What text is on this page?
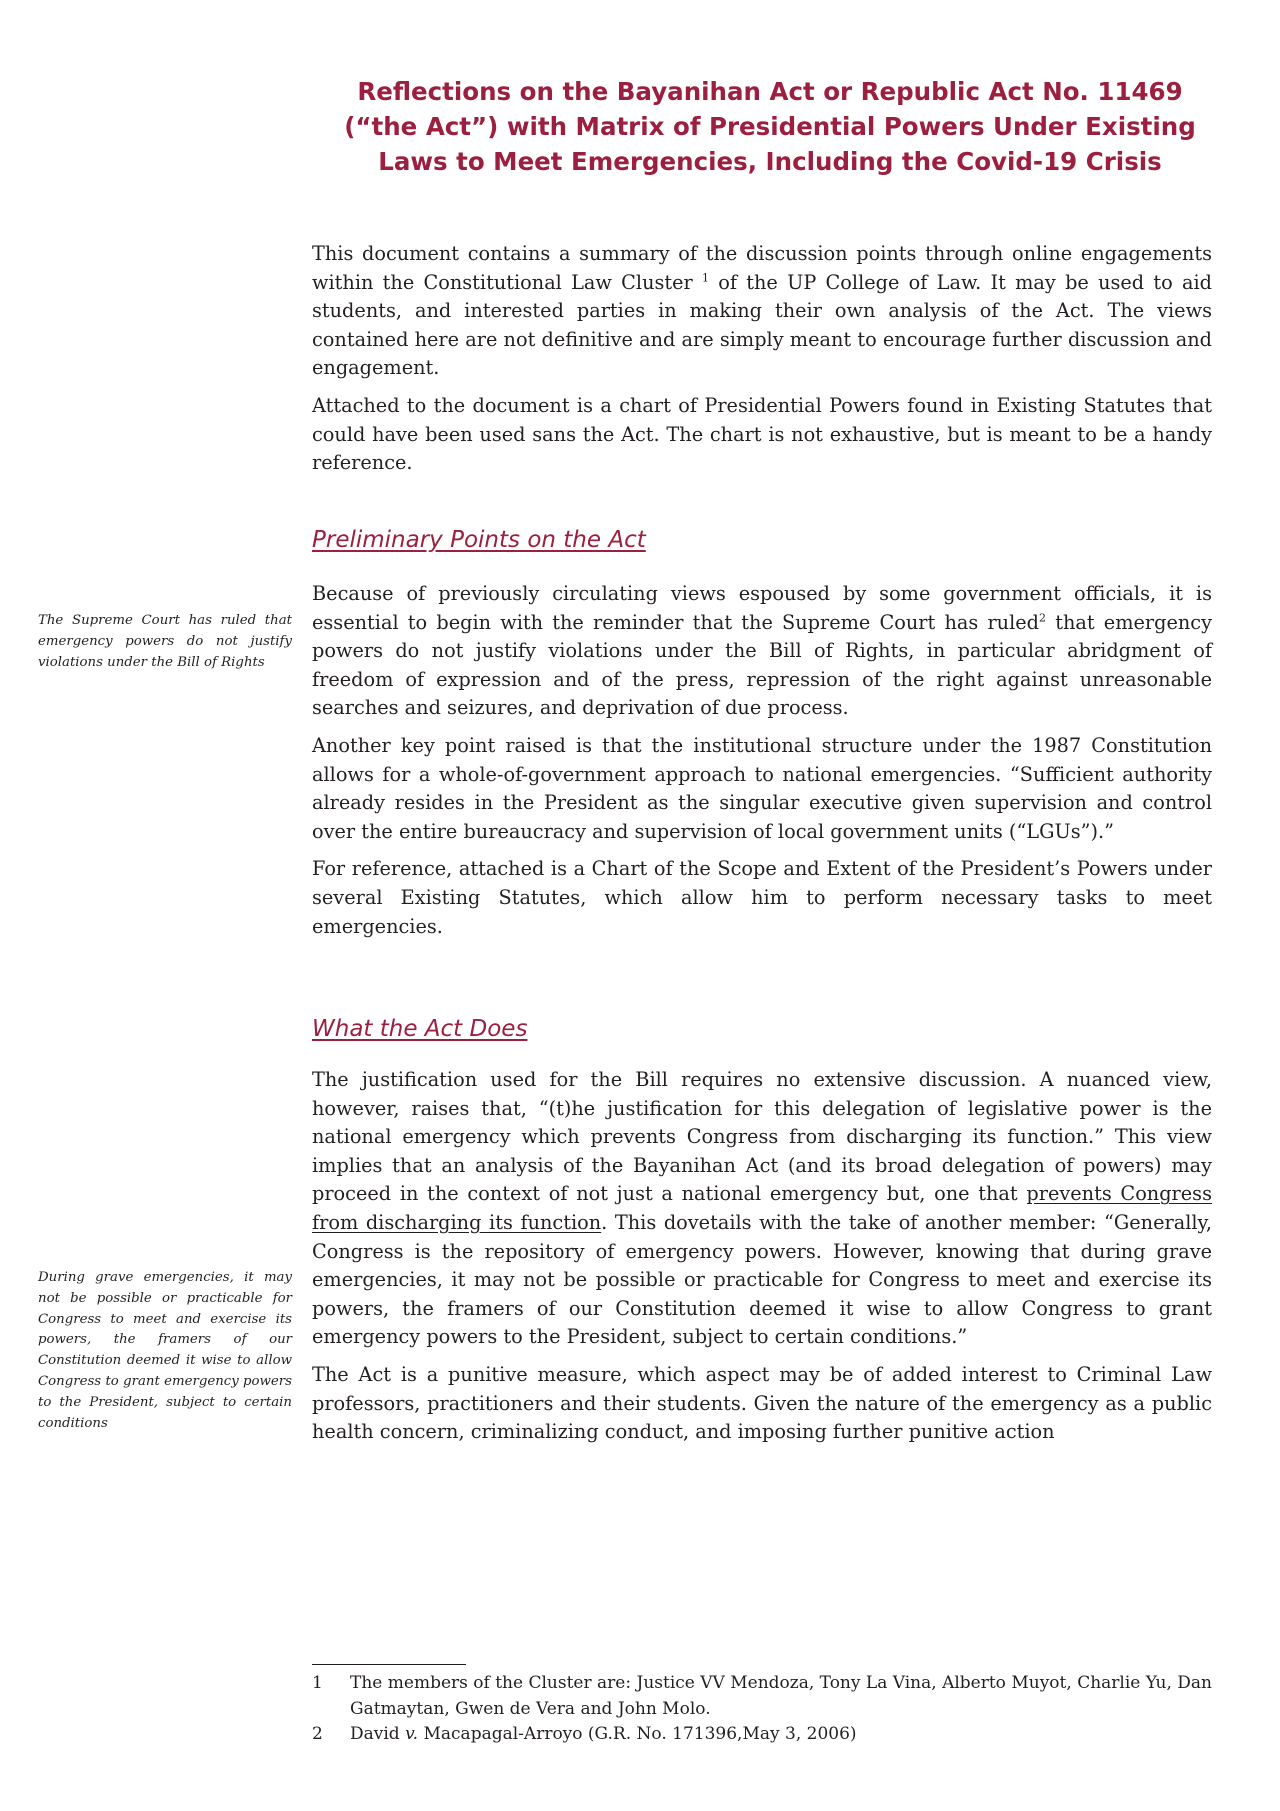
Reflections on the Bayanihan Act or Republic Act No. 11469
(“the Act”) with Matrix of Presidential Powers Under Existing
Laws to Meet Emergencies, Including the Covid-19 Crisis

This document contains a summary of the discussion points through online engagements within the Constitutional Law Cluster $^1$ of the UP College of Law. It may be used to aid students, and interested parties in making their own analysis of the Act. The views contained here are not definitive and are simply meant to encourage further discussion and engagement.

Attached to the document is a chart of Presidential Powers found in Existing Statutes that could have been used sans the Act. The chart is not exhaustive, but is meant to be a handy reference.

Preliminary Points on the Act
The Supreme Court has ruled that emergency powers do not justify violations under the Bill of Rights

Because of previously circulating views espoused by some government officials, it is essential to begin with the reminder that the Supreme Court has ruled$^2$ that emergency powers do not justify violations under the Bill of Rights, in particular abridgment of freedom of expression and of the press, repression of the right against unreasonable searches and seizures, and deprivation of due process.

Another key point raised is that the institutional structure under the 1987 Constitution allows for a whole-of-government approach to national emergencies. “Sufficient authority already resides in the President as the singular executive given supervision and control over the entire bureaucracy and supervision of local government units (“LGUs”).”

For reference, attached is a Chart of the Scope and Extent of the President’s Powers under several Existing Statutes, which allow him to perform necessary tasks to meet emergencies.

What the Act Does
During grave emergencies, it may not be possible or practicable for Congress to meet and exercise its powers, the framers of our Constitution deemed it wise to allow Congress to grant emergency powers to the President, subject to certain conditions

The justification used for the Bill requires no extensive discussion. A nuanced view, however, raises that, “(t)he justification for this delegation of legislative power is the national emergency which prevents Congress from discharging its function.” This view implies that an analysis of the Bayanihan Act (and its broad delegation of powers) may proceed in the context of not just a national emergency but, one that prevents Congress from discharging its function. This dovetails with the take of another member: “Generally, Congress is the repository of emergency powers. However, knowing that during grave emergencies, it may not be possible or practicable for Congress to meet and exercise its powers, the framers of our Constitution deemed it wise to allow Congress to grant emergency powers to the President, subject to certain conditions.”

The Act is a punitive measure, which aspect may be of added interest to Criminal Law professors, practitioners and their students. Given the nature of the emergency as a public health concern, criminalizing conduct, and imposing further punitive action

1	The members of the Cluster are: Justice VV Mendoza, Tony La Vina, Alberto Muyot, Charlie Yu, Dan Gatmaytan, Gwen de Vera and John Molo.
2	David v. Macapagal-Arroyo (G.R. No. 171396,May 3, 2006)
